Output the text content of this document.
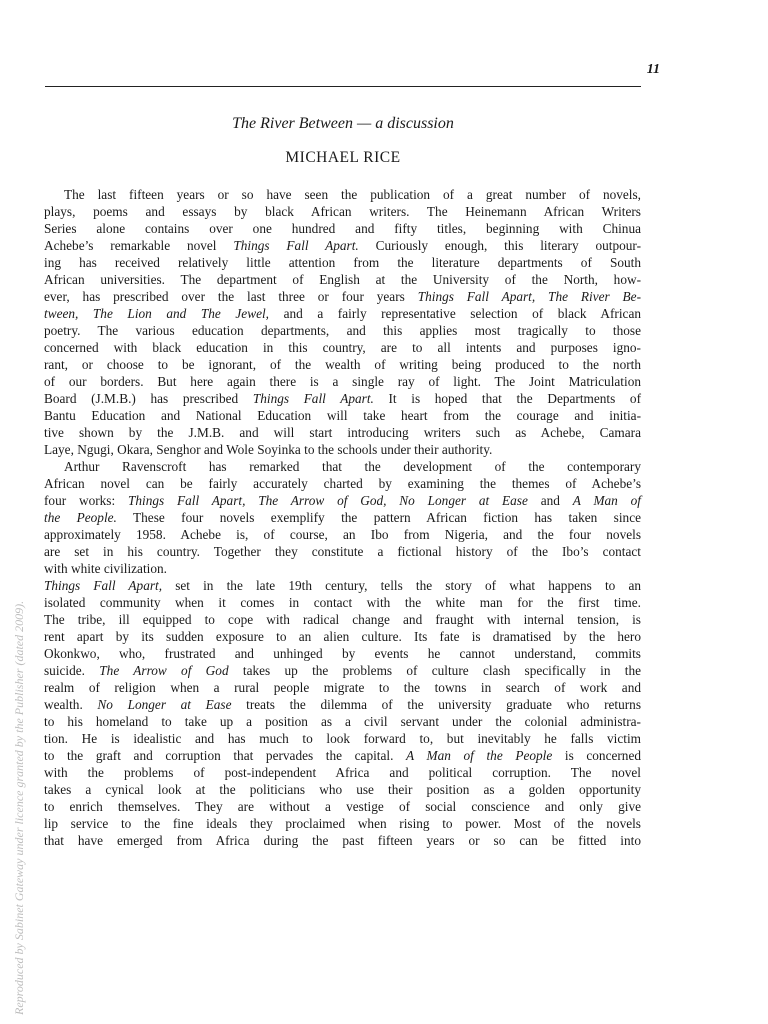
11
The River Between — a discussion
MICHAEL RICE
The last fifteen years or so have seen the publication of a great number of novels,
plays, poems and essays by black African writers. The Heinemann African Writers
Series alone contains over one hundred and fifty titles, beginning with Chinua
Achebe’s remarkable novel Things Fall Apart. Curiously enough, this literary outpour-
ing has received relatively little attention from the literature departments of South
African universities. The department of English at the University of the North, how-
ever, has prescribed over the last three or four years Things Fall Apart, The River Be-
tween, The Lion and The Jewel, and a fairly representative selection of black African
poetry. The various education departments, and this applies most tragically to those
concerned with black education in this country, are to all intents and purposes igno-
rant, or choose to be ignorant, of the wealth of writing being produced to the north
of our borders. But here again there is a single ray of light. The Joint Matriculation
Board (J.M.B.) has prescribed Things Fall Apart. It is hoped that the Departments of
Bantu Education and National Education will take heart from the courage and initia-
tive shown by the J.M.B. and will start introducing writers such as Achebe, Camara
Laye, Ngugi, Okara, Senghor and Wole Soyinka to the schools under their authority.
Arthur Ravenscroft has remarked that the development of the contemporary
African novel can be fairly accurately charted by examining the themes of Achebe’s
four works: Things Fall Apart, The Arrow of God, No Longer at Ease and A Man of
the People. These four novels exemplify the pattern African fiction has taken since
approximately 1958. Achebe is, of course, an Ibo from Nigeria, and the four novels
are set in his country. Together they constitute a fictional history of the Ibo’s contact
with white civilization.
Things Fall Apart, set in the late 19th century, tells the story of what happens to an
isolated community when it comes in contact with the white man for the first time.
The tribe, ill equipped to cope with radical change and fraught with internal tension, is
rent apart by its sudden exposure to an alien culture. Its fate is dramatised by the hero
Okonkwo, who, frustrated and unhinged by events he cannot understand, commits
suicide. The Arrow of God takes up the problems of culture clash specifically in the
realm of religion when a rural people migrate to the towns in search of work and
wealth. No Longer at Ease treats the dilemma of the university graduate who returns
to his homeland to take up a position as a civil servant under the colonial administra-
tion. He is idealistic and has much to look forward to, but inevitably he falls victim
to the graft and corruption that pervades the capital. A Man of the People is concerned
with the problems of post-independent Africa and political corruption. The novel
takes a cynical look at the politicians who use their position as a golden opportunity
to enrich themselves. They are without a vestige of social conscience and only give
lip service to the fine ideals they proclaimed when rising to power. Most of the novels
that have emerged from Africa during the past fifteen years or so can be fitted into
Reproduced by Sabinet Gateway under licence granted by the Publisher (dated 2009).
